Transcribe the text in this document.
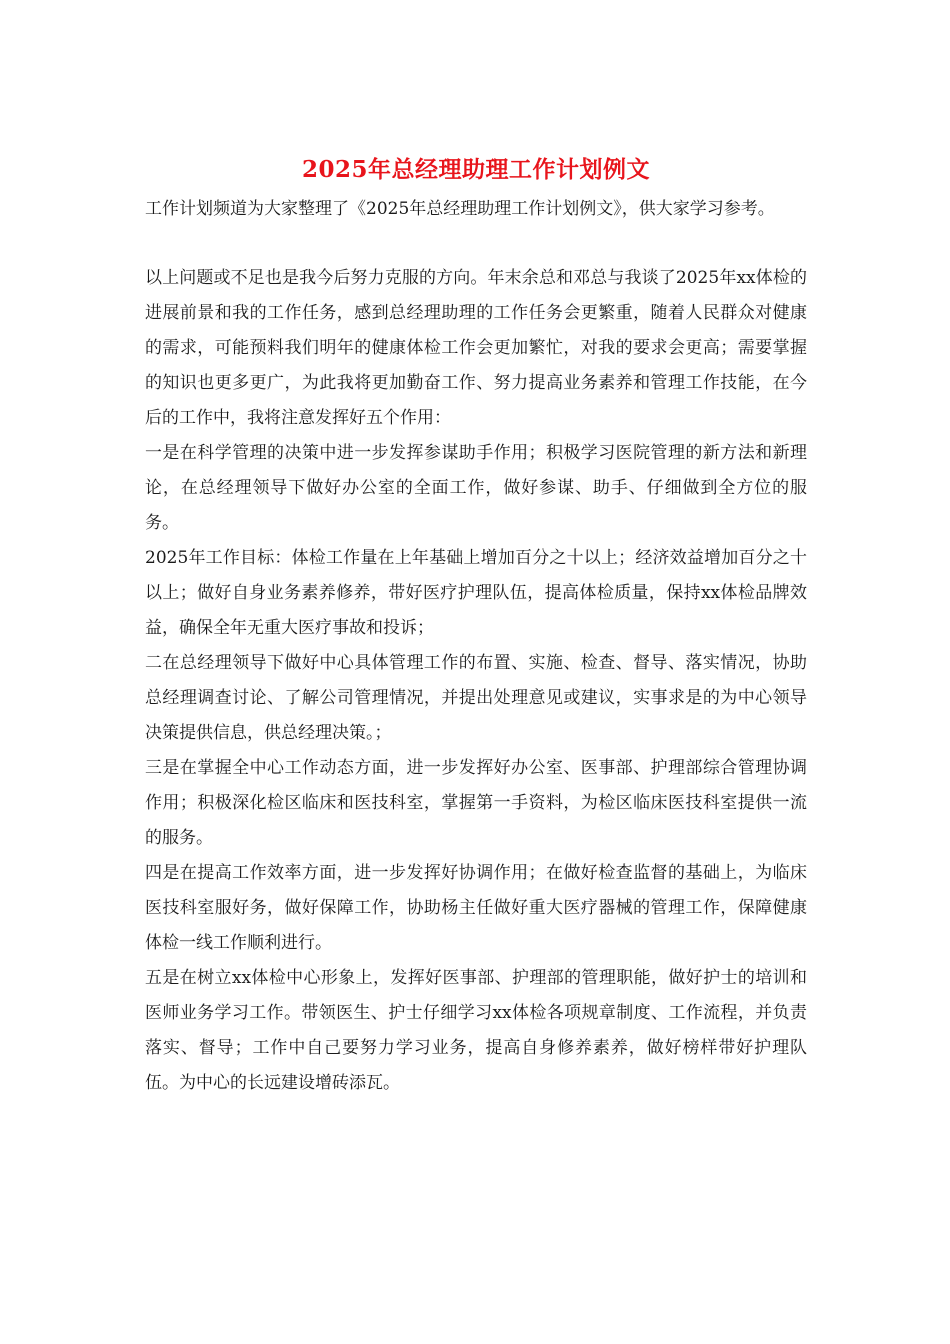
2025年总经理助理工作计划例文

工作计划频道为大家整理了《2025年总经理助理工作计划例文》，供大家学习参考。

以上问题或不足也是我今后努力克服的方向。年末余总和邓总与我谈了2025年xx体检的进展前景和我的工作任务，感到总经理助理的工作任务会更繁重，随着人民群众对健康的需求，可能预料我们明年的健康体检工作会更加繁忙，对我的要求会更高；需要掌握的知识也更多更广，为此我将更加勤奋工作、努力提高业务素养和管理工作技能，在今后的工作中，我将注意发挥好五个作用：

一是在科学管理的决策中进一步发挥参谋助手作用；积极学习医院管理的新方法和新理论，在总经理领导下做好办公室的全面工作，做好参谋、助手、仔细做到全方位的服务。

2025年工作目标：体检工作量在上年基础上增加百分之十以上；经济效益增加百分之十以上；做好自身业务素养修养，带好医疗护理队伍，提高体检质量，保持xx体检品牌效益，确保全年无重大医疗事故和投诉；

二在总经理领导下做好中心具体管理工作的布置、实施、检查、督导、落实情况，协助总经理调查讨论、了解公司管理情况，并提出处理意见或建议，实事求是的为中心领导决策提供信息，供总经理决策。；

三是在掌握全中心工作动态方面，进一步发挥好办公室、医事部、护理部综合管理协调作用；积极深化检区临床和医技科室，掌握第一手资料，为检区临床医技科室提供一流的服务。

四是在提高工作效率方面，进一步发挥好协调作用；在做好检查监督的基础上，为临床医技科室服好务，做好保障工作，协助杨主任做好重大医疗器械的管理工作，保障健康体检一线工作顺利进行。

五是在树立xx体检中心形象上，发挥好医事部、护理部的管理职能，做好护士的培训和医师业务学习工作。带领医生、护士仔细学习xx体检各项规章制度、工作流程，并负责落实、督导；工作中自己要努力学习业务，提高自身修养素养，做好榜样带好护理队伍。为中心的长远建设增砖添瓦。
